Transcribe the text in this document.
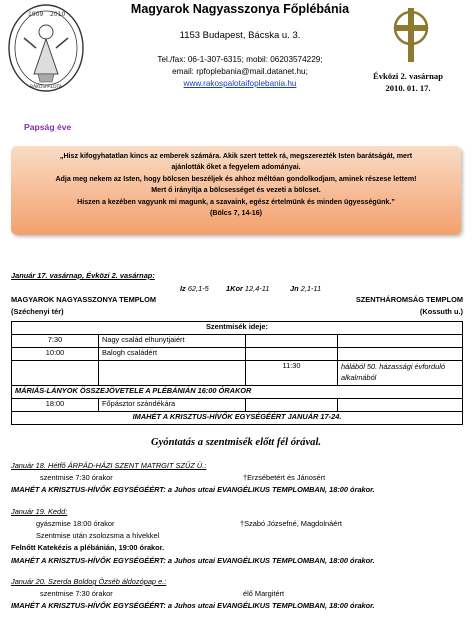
1909 2010
RÁKOSPALOTA
Magyarok Nagyasszonya Főplébánia
1153 Budapest, Bácska u. 3.
Tel./fax: 06-1-307-6315; mobil: 06203574229;
email: rpfoplebania@mail.datanet.hu;
www.rakospalotaifoplebania.hu
Évközi 2. vasárnap
2010. 01. 17.
Papság éve
„Hisz kifogyhatatlan kincs az emberek számára. Akik szert tettek rá, megszerezték Isten barátságát, mert
ajánlották őket a fegyelem adományai.
Adja meg nekem az Isten, hogy bölcsen beszéljek és ahhoz méltóan gondolkodjam, aminek részese lettem!
Mert ő irányítja a bölcsességet és vezeti a bölcset.
Hiszen a kezében vagyunk mi magunk, a szavaink, egész értelmünk és minden ügyességünk.”
(Bölcs 7, 14-16)
Január 17. vasárnap, Évközi 2. vasárnap:
Iz 62,1-5 1Kor 12,4-11	Jn 2,1-11
MAGYAROK NAGYASSZONYA TEMPLOM
(Széchenyi tér)
SZENTHÁROMSÁG TEMPLOM
(Kossuth u.)
Szentmisék ideje:			
7:30	Nagy család elhunytjaiért		
10:00	Balogh családért		
		11:30	hálából 50. házassági évforduló alkalmából
MÁRIÁS-LÁNYOK ÖSSZEJÖVETELE A PLÉBÁNIÁN 16:00 ÓRAKOR			
18:00	Főpásztor szándékára		
IMAHÉT A KRISZTUS-HÍVŐK EGYSÉGÉÉRT JANUÁR 17-24.			
Gyóntatás a szentmisék előtt fél órával.
Január 18. Hétfő ÁRPÁD-HÁZI SZENT MATRGIT SZŰZ Ü.:
szentmise 7:30 órakor	†Erzsébetért és Jánosért
IMAHÉT A KRISZTUS-HÍVŐK EGYSÉGÉÉRT: a Juhos utcai EVANGÉLIKUS TEMPLOMBAN, 18:00 órakor.
Január 19. Kedd:
gyászmise 18:00 órakor	†Szabó Józsefné, Magdolnáért
Szentmise után zsolozsma a hívekkel
Felnőtt Katekézis a plébánián, 19:00 órakor.
IMAHÉT A KRISZTUS-HÍVŐK EGYSÉGÉÉRT: a Juhos utcai EVANGÉLIKUS TEMPLOMBAN, 18:00 órakor.
Január 20. Szerda Boldog Özséb áldozópap e.:
szentmise 7:30 órakor	élő Margitért
IMAHÉT A KRISZTUS-HÍVŐK EGYSÉGÉÉRT: a Juhos utcai EVANGÉLIKUS TEMPLOMBAN, 18:00 órakor.
